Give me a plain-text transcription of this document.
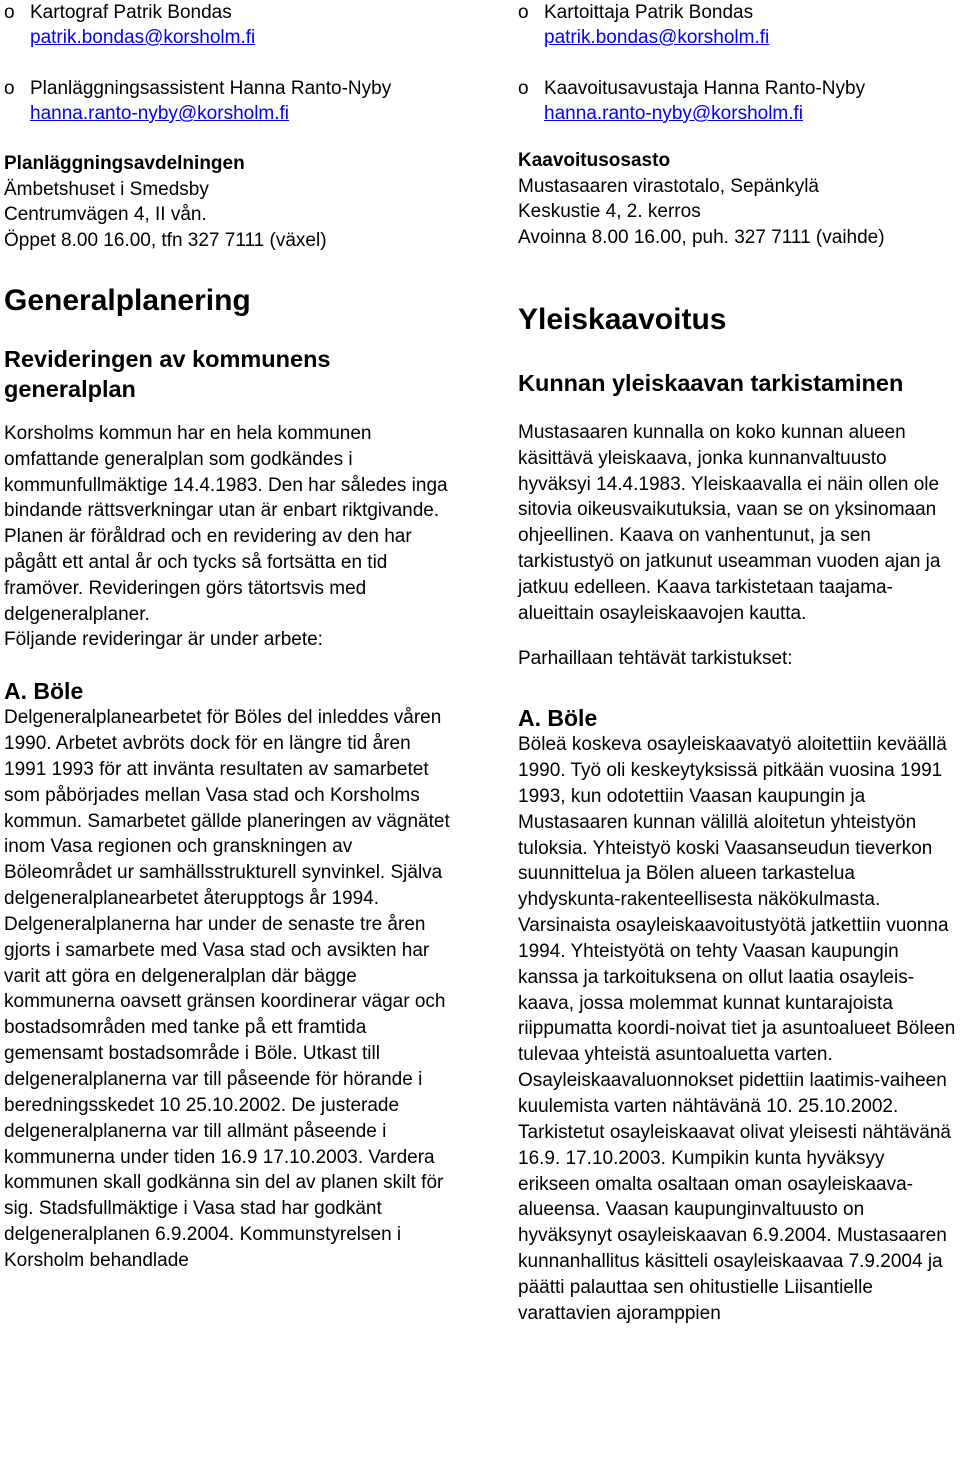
o Kartograf Patrik Bondas
patrik.bondas@korsholm.fi
o Planläggningsassistent Hanna Ranto-Nyby
hanna.ranto-nyby@korsholm.fi
Planläggningsavdelningen
Ämbetshuset i Smedsby
Centrumvägen 4, II vån.
Öppet 8.00 16.00, tfn 327 7111 (växel)
Generalplanering
Revideringen av kommunens generalplan

Korsholms kommun har en hela kommunen omfattande generalplan som godkändes i kommunfullmäktige 14.4.1983. Den har således inga bindande rättsverkningar utan är enbart riktgivande. Planen är föråldrad och en revidering av den har pågått ett antal år och tycks så fortsätta en tid framöver. Revideringen görs tätortsvis med delgeneralplaner.

Följande revideringar är under arbete:

A. Böle

Delgeneralplanearbetet för Böles del inleddes våren 1990. Arbetet avbröts dock för en längre tid åren 1991 1993 för att invänta resultaten av samarbetet som påbörjades mellan Vasa stad och Korsholms kommun. Samarbetet gällde planeringen av vägnätet inom Vasa regionen och granskningen av Böleområdet ur samhällsstrukturell synvinkel. Själva delgeneralplanearbetet återupptogs år 1994. Delgeneralplanerna har under de senaste tre åren gjorts i samarbete med Vasa stad och avsikten har varit att göra en delgeneralplan där bägge kommunerna oavsett gränsen koordinerar vägar och bostadsområden med tanke på ett framtida gemensamt bostadsområde i Böle. Utkast till delgeneralplanerna var till påseende för hörande i beredningsskedet 10 25.10.2002. De justerade delgeneralplanerna var till allmänt påseende i kommunerna under tiden 16.9 17.10.2003. Vardera kommunen skall godkänna sin del av planen skilt för sig. Stadsfullmäktige i Vasa stad har godkänt delgeneralplanen 6.9.2004. Kommunstyrelsen i Korsholm behandlade

o Kartoittaja Patrik Bondas
patrik.bondas@korsholm.fi
o Kaavoitusavustaja Hanna Ranto-Nyby
hanna.ranto-nyby@korsholm.fi
Kaavoitusosasto
Mustasaaren virastotalo, Sepänkylä
Keskustie 4, 2. kerros
Avoinna 8.00 16.00, puh. 327 7111 (vaihde)
Yleiskaavoitus
Kunnan yleiskaavan tarkistaminen

Mustasaaren kunnalla on koko kunnan alueen käsittävä yleiskaava, jonka kunnanvaltuusto hyväksyi 14.4.1983. Yleiskaavalla ei näin ollen ole sitovia oikeusvaikutuksia, vaan se on yksinomaan ohjeellinen. Kaava on vanhentunut, ja sen tarkistustyö on jatkunut useamman vuoden ajan ja jatkuu edelleen. Kaava tarkistetaan taajama-alueittain osayleiskaavojen kautta.

Parhaillaan tehtävät tarkistukset:

A. Böle

Böleä koskeva osayleiskaavatyö aloitettiin keväällä 1990. Työ oli keskeytyksissä pitkään vuosina 1991 1993, kun odotettiin Vaasan kaupungin ja Mustasaaren kunnan välillä aloitetun yhteistyön tuloksia. Yhteistyö koski Vaasanseudun tieverkon suunnittelua ja Bölen alueen tarkastelua yhdyskunta-rakenteellisesta näkökulmasta. Varsinaista osayleiskaavoitustyötä jatkettiin vuonna 1994. Yhteistyötä on tehty Vaasan kaupungin kanssa ja tarkoituksena on ollut laatia osayleis-kaava, jossa molemmat kunnat kuntarajoista riippumatta koordi-noivat tiet ja asuntoalueet Böleen tulevaa yhteistä asuntoaluetta varten. Osayleiskaavaluonnokset pidettiin laatimis-vaiheen kuulemista varten nähtävänä 10. 25.10.2002. Tarkistetut osayleiskaavat olivat yleisesti nähtävänä 16.9. 17.10.2003. Kumpikin kunta hyväksyy erikseen omalta osaltaan oman osayleiskaava-alueensa. Vaasan kaupunginvaltuusto on hyväksynyt osayleiskaavan 6.9.2004. Mustasaaren kunnanhallitus käsitteli osayleiskaavaa 7.9.2004 ja päätti palauttaa sen ohitustielle Liisantielle varattavien ajoramppien
